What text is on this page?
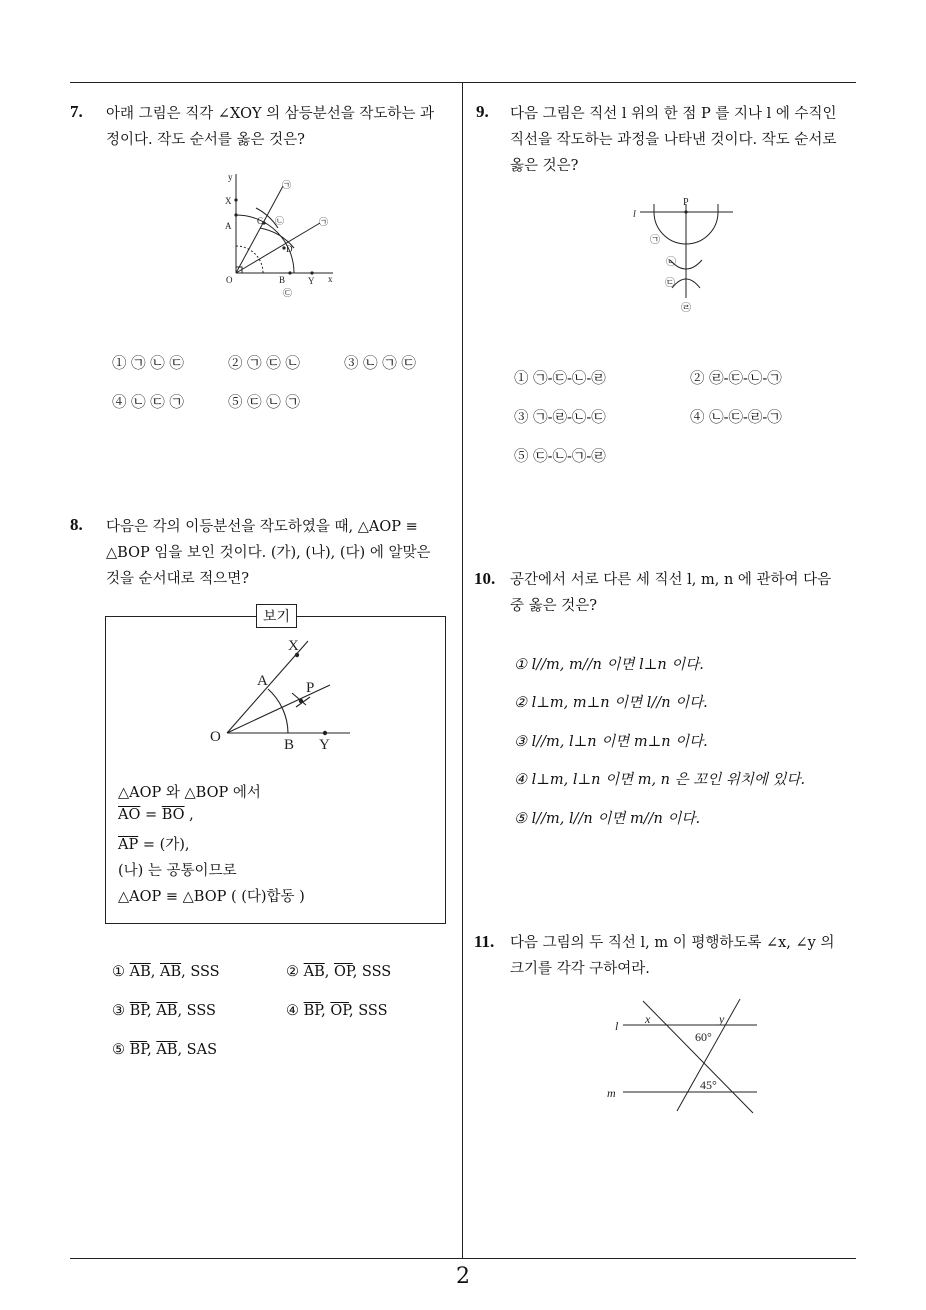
7. 아래 그림은 직각 ∠XOY 의 삼등분선을 작도하는 과
정이다. 작도 순서를 옳은 것은?
y
x
X
A	C
D
O	B	Y
㉠
㉡	㉠
㉢
① ㉠ ㉡ ㉢	② ㉠ ㉢ ㉡	③ ㉡ ㉠ ㉢
④ ㉡ ㉢ ㉠	⑤ ㉢ ㉡ ㉠
8. 다음은 각의 이등분선을 작도하였을 때, △AOP ≡
△BOP 임을 보인 것이다. (가), (나), (다) 에 알맞은
것을 순서대로 적으면?
보기
X
A	P
O	B Y
△AOP 와 △BOP 에서
$\overline{AO} = \overline{BO}$ ,
$\overline{AP}$ = (가),
(나) 는 공통이므로
△AOP ≡ △BOP ( (다)합동 )
① $\overline{AB}$, $\overline{AB}$, SSS	② $\overline{AB}$, $\overline{OP}$, SSS
③ $\overline{BP}$, $\overline{AB}$, SSS	④ $\overline{BP}$, $\overline{OP}$, SSS
⑤ $\overline{BP}$, $\overline{AB}$, SAS
9. 다음 그림은 직선 l 위의 한 점 P 를 지나 l 에 수직인
직선을 작도하는 과정을 나타낸 것이다. 작도 순서로
옳은 것은?
l
P
㉠
㉡
㉢
㉣
① ㉠-㉢-㉡-㉣	② ㉣-㉢-㉡-㉠
③ ㉠-㉣-㉡-㉢	④ ㉡-㉢-㉣-㉠
⑤ ㉢-㉡-㉠-㉣
10. 공간에서 서로 다른 세 직선 l, m, n 에 관하여 다음
중 옳은 것은?
① l//m, m//n 이면 l⊥n 이다.
② l⊥m, m⊥n 이면 l//n 이다.
③ l//m, l⊥n 이면 m⊥n 이다.
④ l⊥m, l⊥n 이면 m, n 은 꼬인 위치에 있다.
⑤ l//m, l//n 이면 m//n 이다.
11. 다음 그림의 두 직선 l, m 이 평행하도록 ∠x, ∠y 의
크기를 각각 구하여라.
l
m
x	y
60°
45°
2
